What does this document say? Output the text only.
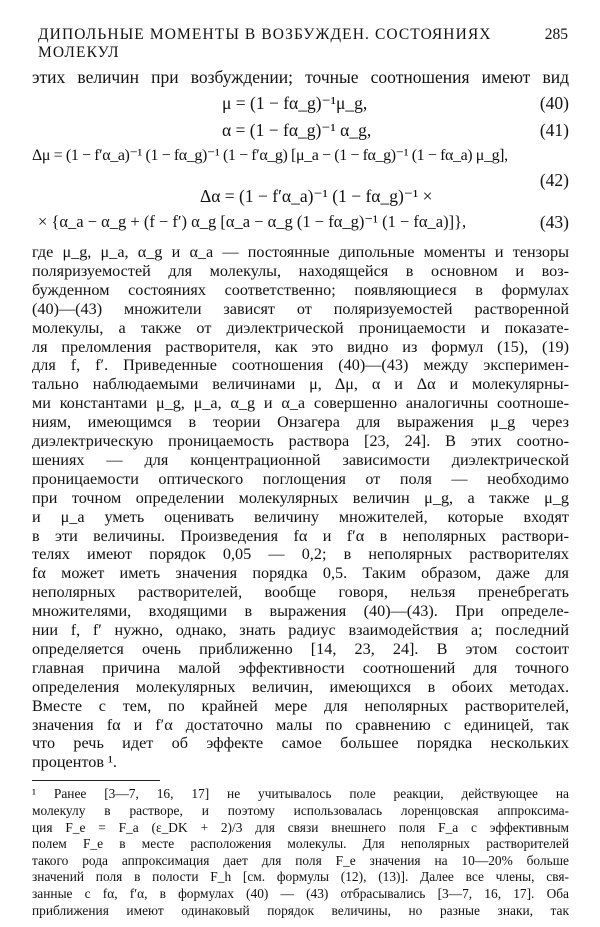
ДИПОЛЬНЫЕ МОМЕНТЫ В ВОЗБУЖДЕН. СОСТОЯНИЯХ МОЛЕКУЛ
285
этих величин при возбуждении; точные соотношения имеют вид
μ = (1 − fα_g)⁻¹μ_g,	(40)
α = (1 − fα_g)⁻¹ α_g,	(41)
Δμ = (1 − f′α_a)⁻¹ (1 − fα_g)⁻¹ (1 − f′α_g) [μ_a − (1 − fα_g)⁻¹ (1 − fα_a) μ_g],
(42)
Δα = (1 − f′α_a)⁻¹ (1 − fα_g)⁻¹ ×
× {α_a − α_g + (f − f′) α_g [α_a − α_g (1 − fα_g)⁻¹ (1 − fα_a)]},	(43)
где μ_g, μ_a, α_g и α_a — постоянные дипольные моменты и тензоры
поляризуемостей для молекулы, находящейся в основном и воз-
бужденном состояниях соответственно; появляющиеся в формулах
(40)—(43) множители зависят от поляризуемостей растворенной
молекулы, а также от диэлектрической проницаемости и показате-
ля преломления растворителя, как это видно из формул (15), (19)
для f, f′. Приведенные соотношения (40)—(43) между эксперимен-
тально наблюдаемыми величинами μ, Δμ, α и Δα и молекулярны-
ми константами μ_g, μ_a, α_g и α_a совершенно аналогичны соотноше-
ниям, имеющимся в теории Онзагера для выражения μ_g через
диэлектрическую проницаемость раствора [23, 24]. В этих соотно-
шениях — для концентрационной зависимости диэлектрической
проницаемости оптического поглощения от поля — необходимо
при точном определении молекулярных величин μ_g, а также μ_g
и μ_a уметь оценивать величину множителей, которые входят
в эти величины. Произведения fα и f′α в неполярных раствори-
телях имеют порядок 0,05 — 0,2; в неполярных растворителях
fα может иметь значения порядка 0,5. Таким образом, даже для
неполярных растворителей, вообще говоря, нельзя пренебрегать
множителями, входящими в выражения (40)—(43). При определе-
нии f, f′ нужно, однако, знать радиус взаимодействия a; последний
определяется очень приближенно [14, 23, 24]. В этом состоит
главная причина малой эффективности соотношений для точного
определения молекулярных величин, имеющихся в обоих методах.
Вместе с тем, по крайней мере для неполярных растворителей,
значения fα и f′α достаточно малы по сравнению с единицей, так
что речь идет об эффекте самое большее порядка нескольких
процентов ¹.
¹ Ранее [3—7, 16, 17] не учитывалось поле реакции, действующее на
молекулу в растворе, и поэтому использовалась лоренцовская аппроксима-
ция F_e = F_a (ε_DK + 2)/3 для связи внешнего поля F_a с эффективным
полем F_e в месте расположения молекулы. Для неполярных растворителей
такого рода аппроксимация дает для поля F_e значения на 10—20% больше
значений поля в полости F_h [см. формулы (12), (13)]. Далее все члены, свя-
занные с fα, f′α, в формулах (40) — (43) отбрасывались [3—7, 16, 17]. Оба
приближения имеют одинаковый порядок величины, но разные знаки, так
